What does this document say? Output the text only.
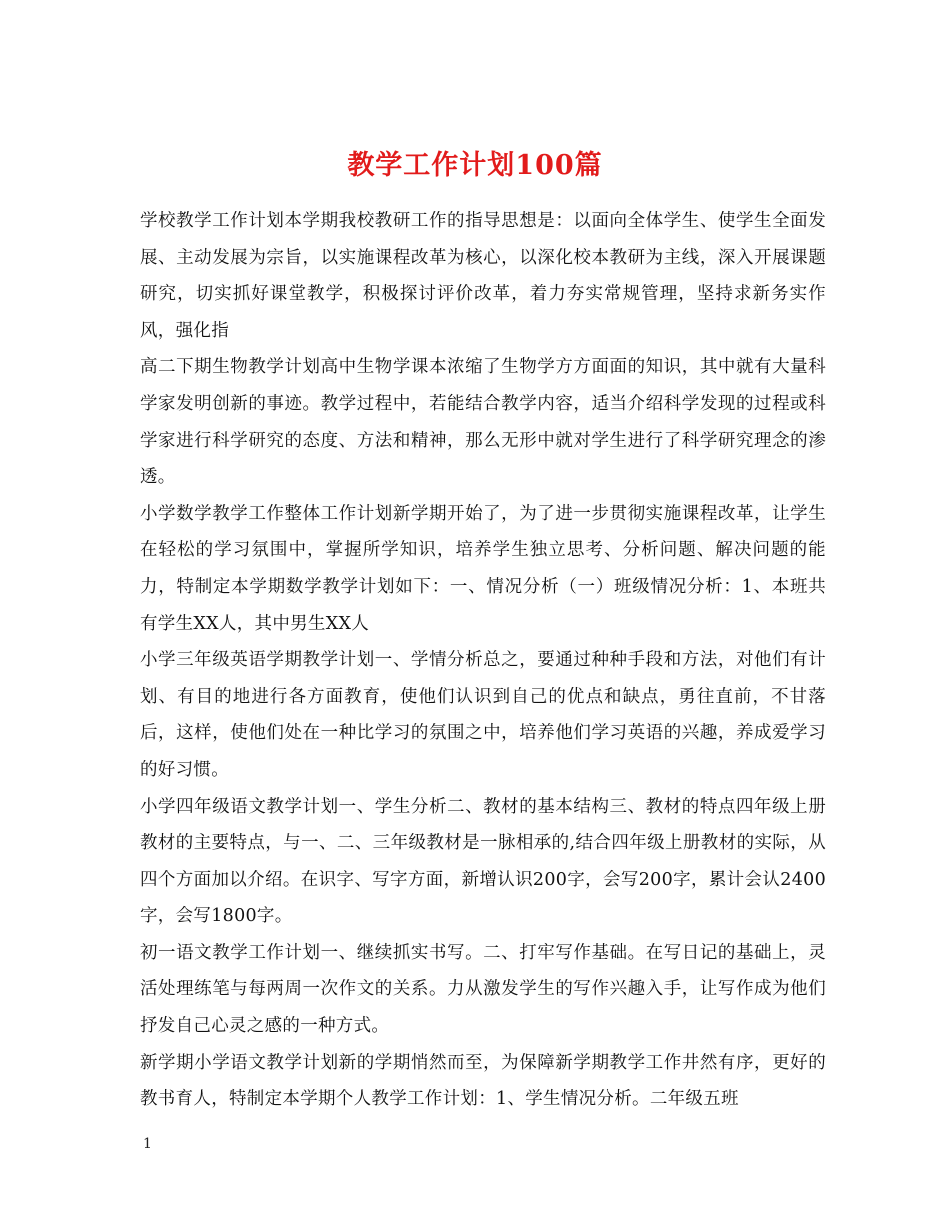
教学工作计划100篇

学校教学工作计划本学期我校教研工作的指导思想是：以面向全体学生、使学生全面发展、主动发展为宗旨，以实施课程改革为核心，以深化校本教研为主线，深入开展课题研究，切实抓好课堂教学，积极探讨评价改革，着力夯实常规管理，坚持求新务实作风，强化指

高二下期生物教学计划高中生物学课本浓缩了生物学方方面面的知识，其中就有大量科学家发明创新的事迹。教学过程中，若能结合教学内容，适当介绍科学发现的过程或科学家进行科学研究的态度、方法和精神，那么无形中就对学生进行了科学研究理念的渗透。

小学数学教学工作整体工作计划新学期开始了，为了进一步贯彻实施课程改革，让学生在轻松的学习氛围中，掌握所学知识，培养学生独立思考、分析问题、解决问题的能力，特制定本学期数学教学计划如下：一、情况分析（一）班级情况分析：1、本班共有学生XX人，其中男生XX人

小学三年级英语学期教学计划一、学情分析总之，要通过种种手段和方法，对他们有计划、有目的地进行各方面教育，使他们认识到自己的优点和缺点，勇往直前，不甘落后，这样，使他们处在一种比学习的氛围之中，培养他们学习英语的兴趣，养成爱学习的好习惯。

小学四年级语文教学计划一、学生分析二、教材的基本结构三、教材的特点四年级上册教材的主要特点，与一、二、三年级教材是一脉相承的,结合四年级上册教材的实际，从四个方面加以介绍。在识字、写字方面，新增认识200字，会写200字，累计会认2400字，会写1800字。

初一语文教学工作计划一、继续抓实书写。二、打牢写作基础。在写日记的基础上，灵活处理练笔与每两周一次作文的关系。力从激发学生的写作兴趣入手，让写作成为他们抒发自己心灵之感的一种方式。

新学期小学语文教学计划新的学期悄然而至，为保障新学期教学工作井然有序，更好的教书育人，特制定本学期个人教学工作计划：1、学生情况分析。二年级五班

1
